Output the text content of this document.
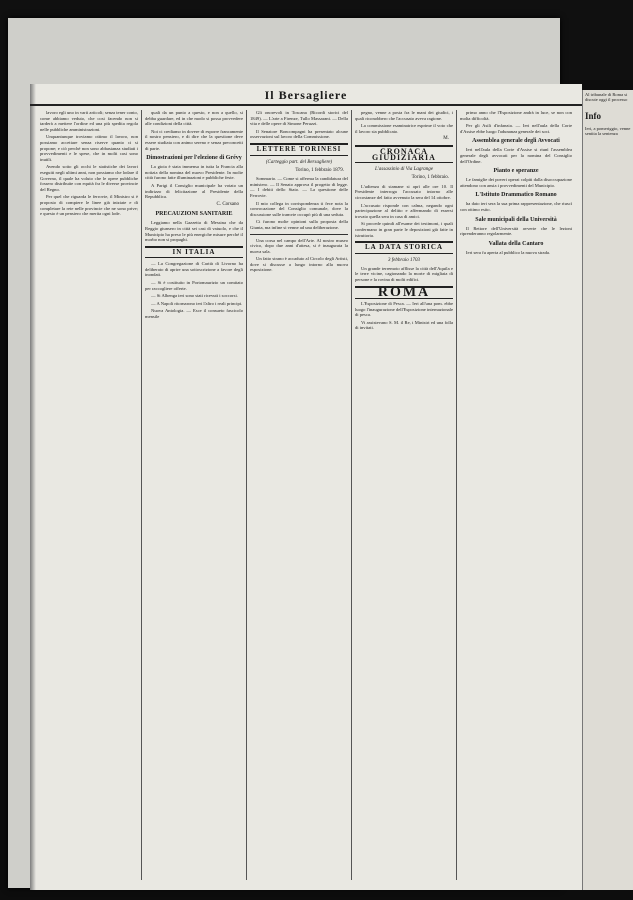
Il Bersagliere

lavoro egli uno in varii articoli; senza tener conto, come abbiamo veduto, che cosi facendo non si tarderà a mettere l'ordine ed una più spedita regola nelle pubbliche amministrazioni.

Unquantunque troviamo ottimo il lavoro, non possiamo accettare senza riserve quanto ci si propone; e ciò perché non sono abbastanza studiati i provvedimenti e le spese, che in molti casi sono inutili.

Avendo sotto gli occhi le statistiche dei lavori eseguiti negli ultimi anni, non possiamo che lodare il Governo, il quale ha voluto che le opere pubbliche fossero distribuite con equità fra le diverse provincie del Regno.

Per quel che riguarda le ferrovie, il Ministro si è proposto di compiere le linee già iniziate e di completare la rete nelle provincie che ne sono prive; e questo è un pensiero che merita ogni lode.

quali da un punto a questo, e non a quello, si debba guardare, ed in che modo si possa provvedere alle condizioni della città.

Noi ci crediamo in dovere di esporre francamente il nostro pensiero, e di dire che la questione deve essere studiata con animo sereno e senza preconcetti di parte.

Dimostrazioni per l'elezione di Grévy

La gioia è stata immensa in tutta la Francia alla notizia della nomina del nuovo Presidente. In molte città furono fatte illuminazioni e pubbliche feste.

A Parigi il Consiglio municipale ha votato un indirizzo di felicitazione al Presidente della Repubblica.

C. Corsano
PRECAUZIONI SANITARIE

Leggiamo nella Gazzetta di Messina che da Reggio giunsero in città sei casi di vaiuolo, e che il Municipio ha preso le più energiche misure perché il morbo non si propaghi.

IN ITALIA

— La Congregazione di Carità di Livorno ha deliberato di aprire una sottoscrizione a favore degli inondati.

— Si è costituito in Portomaurizio un comitato per raccogliere offerte.

— Si Albenga ieri sono stati ricevuti i soccorsi.

— A Napoli ritornarono ieri l'altro i reali principi.

Nuova Antologia. — Esce il consueto fascicolo mensile

Gli onorevoli in Toscana (Ricordi storici del 1849). — L'arte a Firenze, Tullo Massarani. — Della vita e delle opere di Simone Peruzzi.

Il Senatore Boncompagni ha presentato alcune osservazioni sul lavoro della Commissione.

LETTERE TORINESI
(Carteggio part. del Bersagliere)
Torino, 1 febbraio 1879.

Sommario. — Come si afferma la candidatura del ministero. — Il Senato approva il progetto di legge. — I debiti dello Stato. — La questione delle Ferrovie.

Il mio collega in corrispondenza ti fece nota la convocazione del Consiglio comunale, dove la discussione sulle tramvie occupò più di una seduta.

Ci furono molte opinioni sulla proposta della Giunta, ma infine si venne ad una deliberazione.

Una corsa nel campo dell'Arte. Al nostro museo civico, dopo due anni d'attesa, si è inaugurata la nuova sala.

Un fatto strano è accaduto al Circolo degli Artisti, dove si discusse a lungo intorno alla nuova esposizione.

pegno, venne a posta fra le mani dei giudici, i quali riconobbero che l'accusato aveva ragione.

La commissione esaminatrice esprime il voto che il lavoro sia pubblicato.

M.
CRONACA GIUDIZIARIA
L'assassinio di Via Lagrange
Torino, 1 febbraio.

L'udienza di stamane si aprì alle ore 10. Il Presidente interroga l'accusato intorno alle circostanze del fatto avvenuto la sera del 14 ottobre.

L'accusato risponde con calma, negando ogni partecipazione al delitto e affermando di essersi trovato quella sera in casa di amici.

Si procede quindi all'esame dei testimoni, i quali confermano in gran parte le deposizioni già fatte in istruttoria.

LA DATA STORICA
3 febbraio 1703

Un grande terremoto afflisse la città dell'Aquila e le terre vicine, cagionando la morte di migliaia di persone e la rovina di molti edifici.

ROMA

L'Esposizione di Pesca. — Ieri all'una pom. ebbe luogo l'inaugurazione dell'Esposizione internazionale di pesca.

Vi assistevano S. M. il Re, i Ministri ed una folla di invitati.

primo anno che l'Esposizione andrà in luce, se non con molta difficoltà.

Per gli Asili d'infanzia. — Ieri nell'aula della Corte d'Assise ebbe luogo l'adunanza generale dei soci.

Assemblea generale degli Avvocati

Ieri nell'aula della Corte d'Assise si riunì l'assemblea generale degli avvocati per la nomina del Consiglio dell'Ordine.

Pianto e speranze

Le famiglie dei poveri operai colpiti dalla disoccupazione attendono con ansia i provvedimenti del Municipio.

L'Istituto Drammatico Romano

ha dato ieri sera la sua prima rappresentazione, che riuscì con ottimo esito.

Sale municipali della Università

Il Rettore dell'Università avverte che le lezioni riprenderanno regolarmente.

Vallata della Cantaro

Ieri sera fu aperta al pubblico la nuova strada.

Al tribunale di Roma si discute oggi il processo
Info
Ieri, a pomeriggio, venne sentita la sentenza
